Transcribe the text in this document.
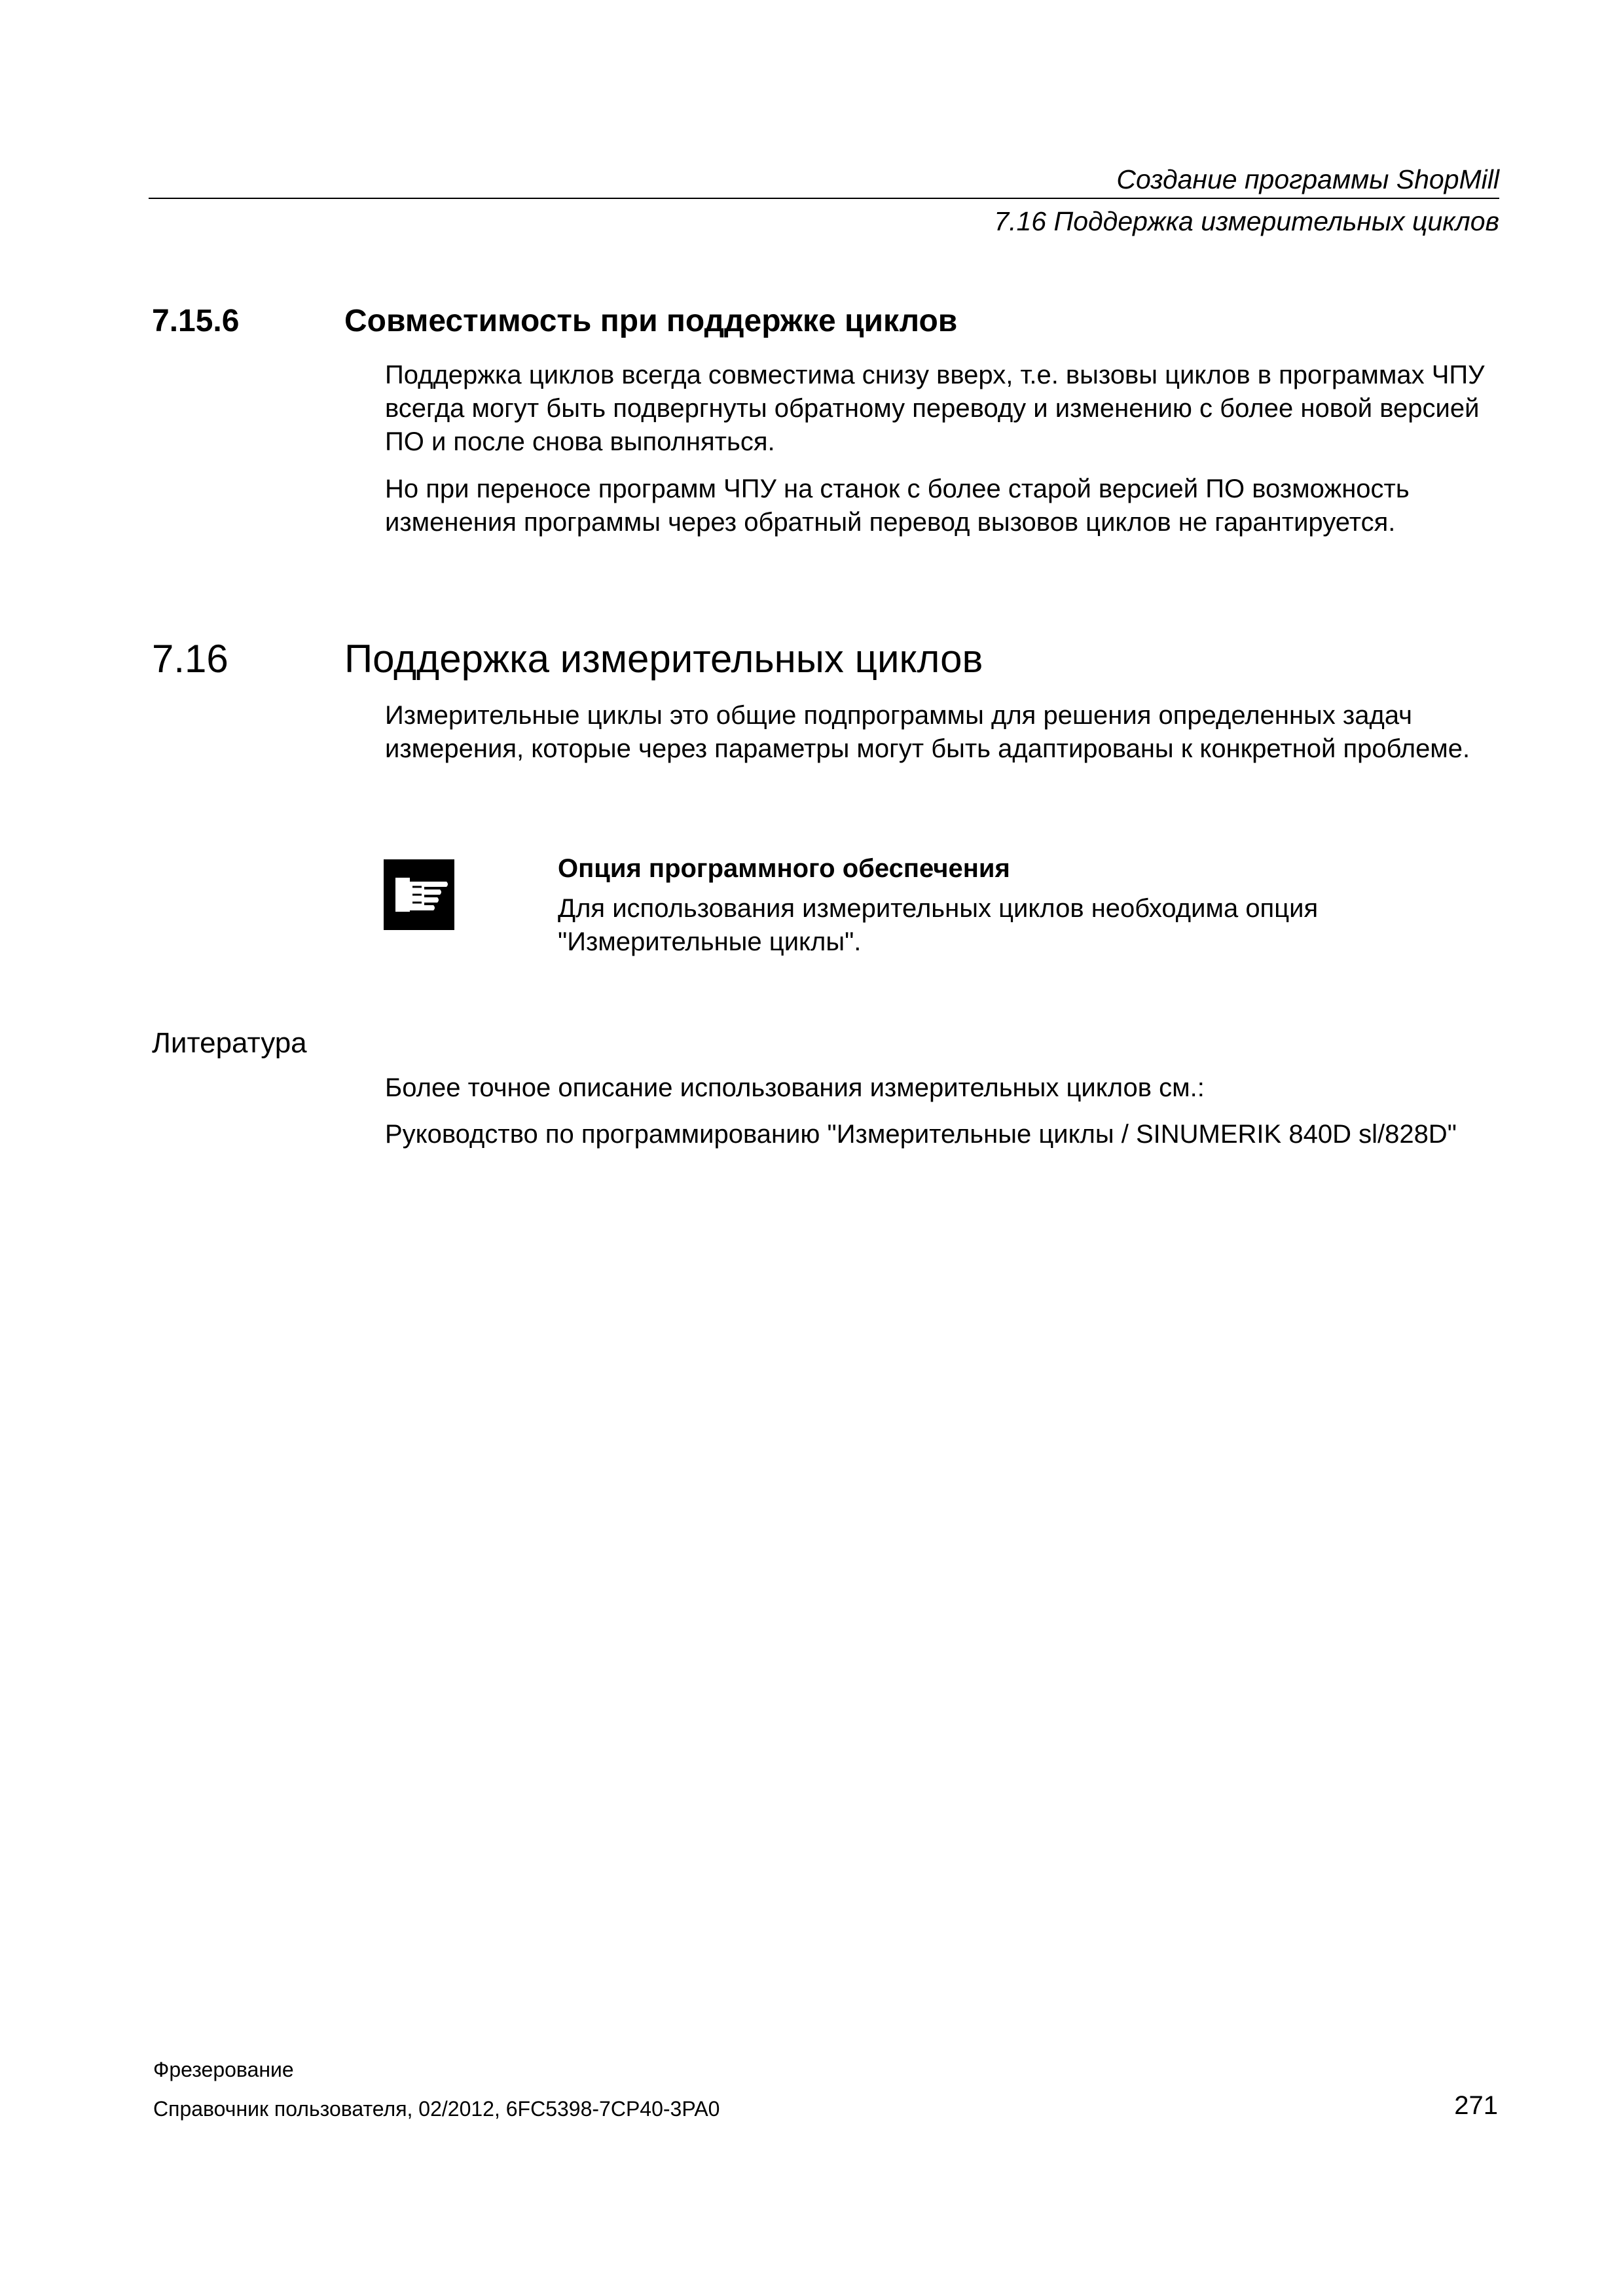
Создание программы ShopMill
7.16 Поддержка измерительных циклов
7.15.6	Совместимость при поддержке циклов

Поддержка циклов всегда совместима снизу вверх, т.е. вызовы циклов в программах ЧПУ всегда могут быть подвергнуты обратному переводу и изменению с более новой версией ПО и после снова выполняться.

Но при переносе программ ЧПУ на станок с более старой версией ПО возможность изменения программы через обратный перевод вызовов циклов не гарантируется.

7.16	Поддержка измерительных циклов

Измерительные циклы это общие подпрограммы для решения определенных задач измерения, которые через параметры могут быть адаптированы к конкретной проблеме.

Опция программного обеспечения

Для использования измерительных циклов необходима опция "Измерительные циклы".

Литература

Более точное описание использования измерительных циклов см.:

Руководство по программированию "Измерительные циклы / SINUMERIK 840D sl/828D"

Фрезерование
Справочник пользователя, 02/2012, 6FC5398-7CP40-3PA0	271
